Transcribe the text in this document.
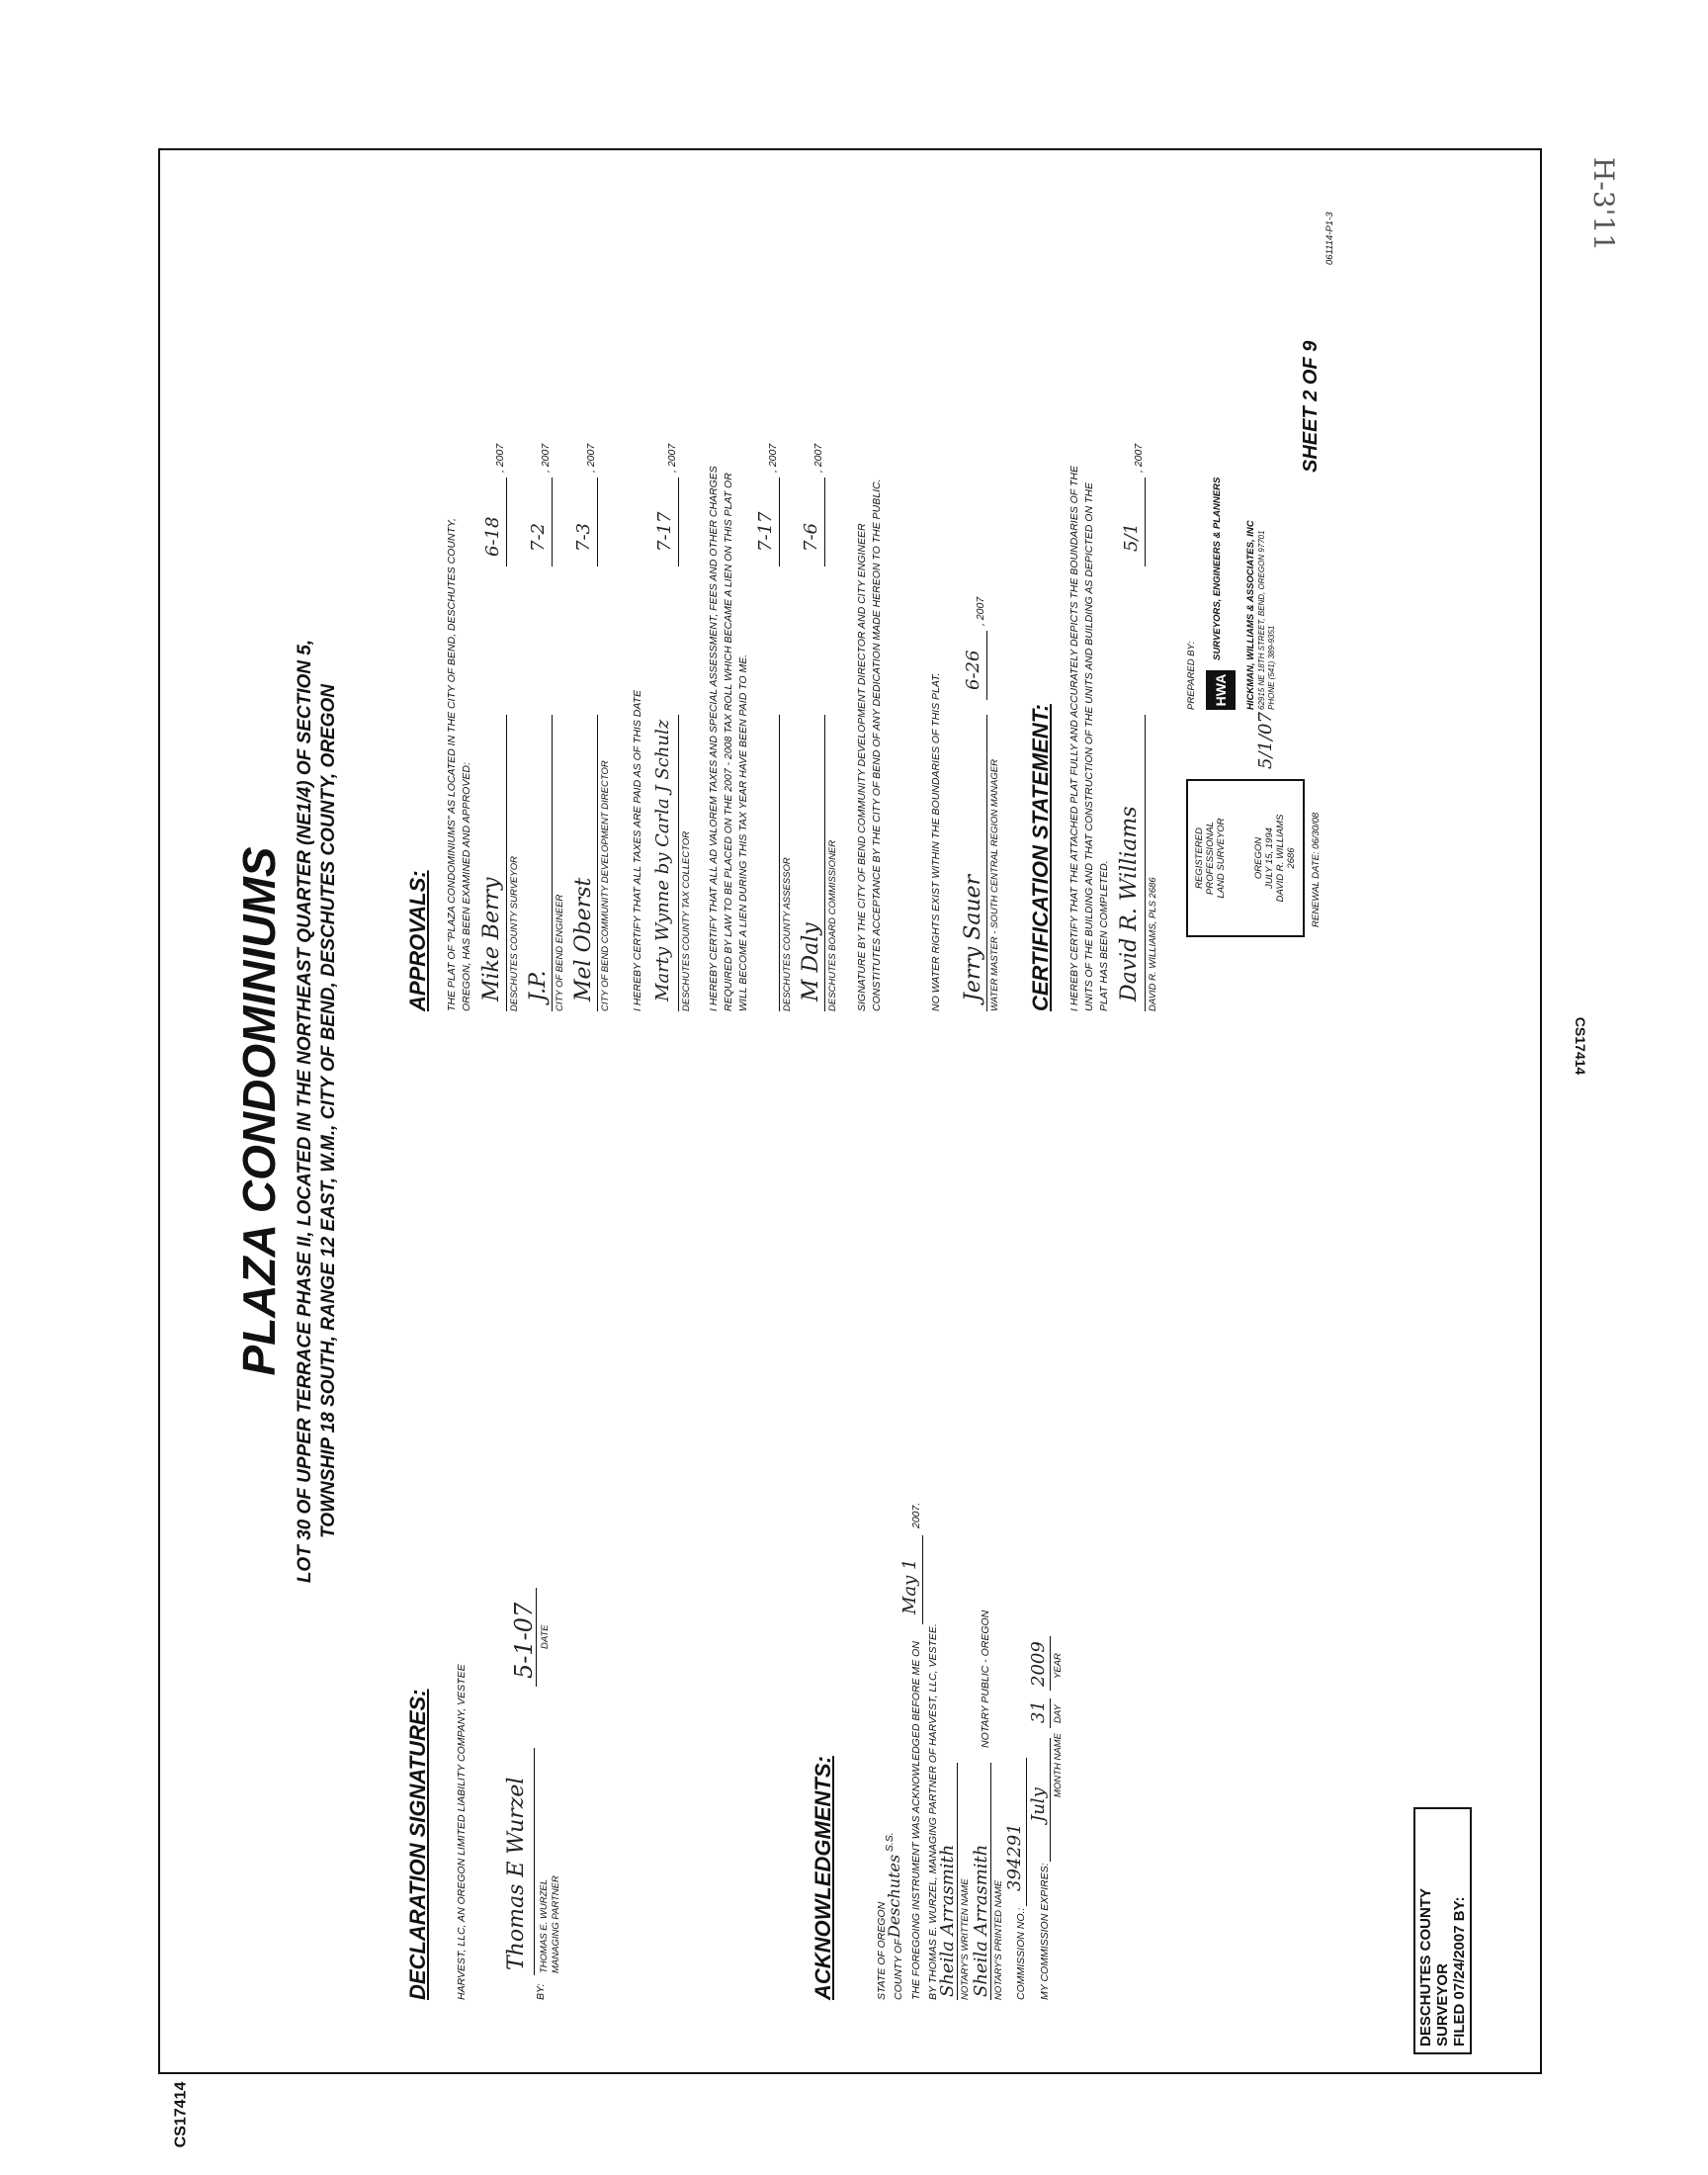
H-3'11
CS17414
CS17414
PLAZA CONDOMINIUMS LOT 30 OF UPPER TERRACE PHASE II, LOCATED IN THE NORTHEAST QUARTER (NE1/4) OF SECTION 5, TOWNSHIP 18 SOUTH, RANGE 12 EAST, W.M., CITY OF BEND, DESCHUTES COUNTY, OREGON
DECLARATION SIGNATURES: HARVEST, LLC, AN OREGON LIMITED LIABILITY COMPANY, VESTEE	BY:
Thomas E Wurzel THOMAS E. WURZEL MANAGING PARTNER
5-1-07 DATE
ACKNOWLEDGMENTS:	STATE OF OREGON COUNTY OF
Deschutes
S.S. THE FOREGOING INSTRUMENT WAS ACKNOWLEDGED BEFORE ME ON
May 1
2007.
BY THOMAS E. WURZEL, MANAGING PARTNER OF HARVEST, LLC, VESTEE.
Sheila Arrasmith NOTARY'S WRITTEN NAME Sheila Arrasmith NOTARY'S PRINTED NAME
NOTARY PUBLIC - OREGON
COMMISSION NO.:
394291
MY COMMISSION EXPIRES:
July
MONTH NAME
31 DAY
2009 YEAR
APPROVALS: THE PLAT OF "PLAZA CONDOMINIUMS" AS LOCATED IN THE CITY OF BEND, DESCHUTES COUNTY, OREGON, HAS BEEN EXAMINED AND APPROVED: Mike Berry DESCHUTES COUNTY SURVEYOR
6-18
, 2007
J.P. CITY OF BEND ENGINEER
7-2
, 2007
Mel Oberst CITY OF BEND COMMUNITY DEVELOPMENT DIRECTOR
7-3
, 2007
I HEREBY CERTIFY THAT ALL TAXES ARE PAID AS OF THIS DATE Marty Wynne by Carla J Schulz DESCHUTES COUNTY TAX COLLECTOR
7-17
, 2007
I HEREBY CERTIFY THAT ALL AD VALOREM TAXES AND SPECIAL ASSESSMENT, FEES AND OTHER CHARGES REQUIRED BY LAW TO BE PLACED ON THE 2007 - 2008 TAX ROLL WHICH BECAME A LIEN ON THIS PLAT OR WILL BECOME A LIEN DURING THIS TAX YEAR HAVE BEEN PAID TO ME.	DESCHUTES COUNTY ASSESSOR
7-17
, 2007
M Daly DESCHUTES BOARD COMMISSIONER
7-6
, 2007
SIGNATURE BY THE CITY OF BEND COMMUNITY DEVELOPMENT DIRECTOR AND CITY ENGINEER CONSTITUTES ACCEPTANCE BY THE CITY OF BEND OF ANY DEDICATION MADE HEREON TO THE PUBLIC.	NO WATER RIGHTS EXIST WITHIN THE BOUNDARIES OF THIS PLAT. Jerry Sauer WATER MASTER - SOUTH CENTRAL REGION MANAGER
6-26
, 2007
CERTIFICATION STATEMENT: I HEREBY CERTIFY THAT THE ATTACHED PLAT FULLY AND ACCURATELY DEPICTS THE BOUNDARIES OF THE UNITS OF THE BUILDING AND THAT CONSTRUCTION OF THE UNITS AND BUILDING AS DEPICTED ON THE PLAT HAS BEEN COMPLETED. David R. Williams DAVID R. WILLIAMS, PLS 2686
5/1
, 2007
REGISTERED PROFESSIONAL LAND SURVEYOR	OREGON JULY 15, 1994 DAVID R. WILLIAMS 2686 RENEWAL DATE: 06/30/08
5/1/07
PREPARED BY:	HWA
SURVEYORS, ENGINEERS & PLANNERS HICKMAN, WILLIAMS & ASSOCIATES, INC 62915 NE 18TH STREET, BEND, OREGON 97701 PHONE (541) 389-9351
SHEET 2 OF 9
061114-P1-3
DESCHUTES COUNTY SURVEYOR FILED 07/24/2007 BY:
